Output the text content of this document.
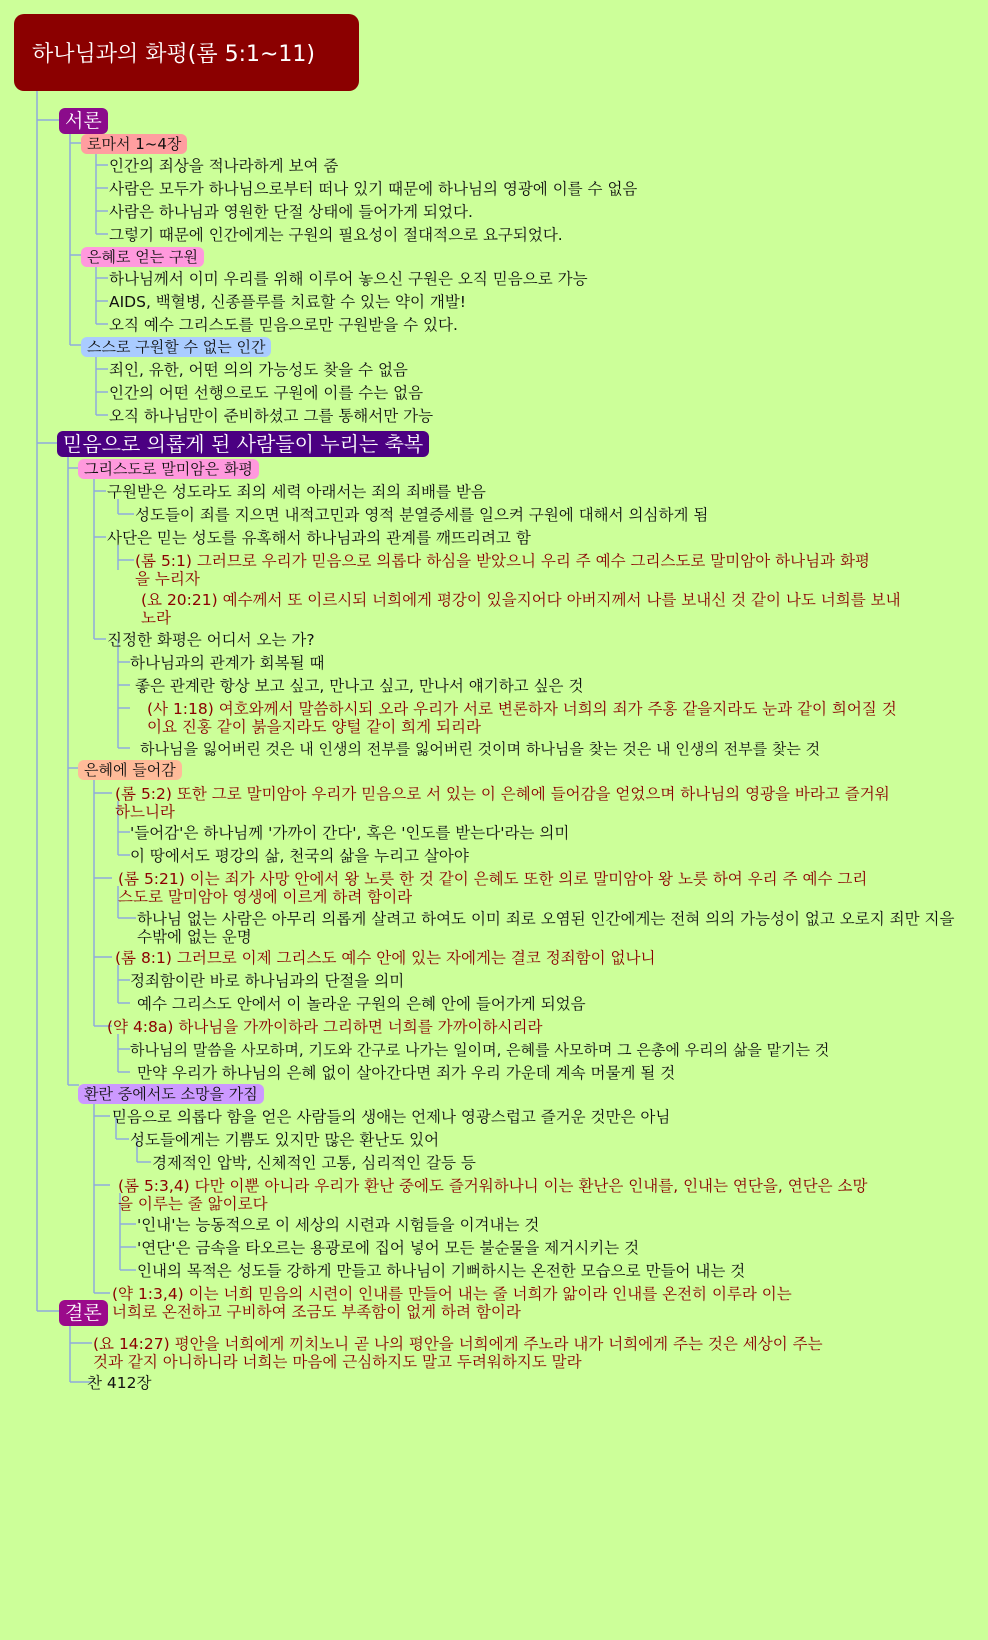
하나님과의 화평(롬 5:1~11)
서론
로마서 1~4장
인간의 죄상을 적나라하게 보여 줌
사람은 모두가 하나님으로부터 떠나 있기 때문에 하나님의 영광에 이를 수 없음
사람은 하나님과 영원한 단절 상태에 들어가게 되었다.
그렇기 때문에 인간에게는 구원의 필요성이 절대적으로 요구되었다.
은혜로 얻는 구원
하나님께서 이미 우리를 위해 이루어 놓으신 구원은 오직 믿음으로 가능
AIDS, 백혈병, 신종플루를 치료할 수 있는 약이 개발!
오직 예수 그리스도를 믿음으로만 구원받을 수 있다.
스스로 구원할 수 없는 인간
죄인, 유한, 어떤 의의 가능성도 찾을 수 없음
인간의 어떤 선행으로도 구원에 이를 수는 없음
오직 하나님만이 준비하셨고 그를 통해서만 가능
믿음으로 의롭게 된 사람들이 누리는 축복
그리스도로 말미암은 화평
구원받은 성도라도 죄의 세력 아래서는 죄의 죄배를 받음
성도들이 죄를 지으면 내적고민과 영적 분열증세를 일으켜 구원에 대해서 의심하게 됨
사단은 믿는 성도를 유혹해서 하나님과의 관계를 깨뜨리려고 함
(롬 5:1) 그러므로 우리가 믿음으로 의롭다 하심을 받았으니 우리 주 예수 그리스도로 말미암아 하나님과 화평을 누리자
(요 20:21) 예수께서 또 이르시되 너희에게 평강이 있을지어다 아버지께서 나를 보내신 것 같이 나도 너희를 보내노라
진정한 화평은 어디서 오는 가?
하나님과의 관계가 회복될 때
좋은 관계란 항상 보고 싶고, 만나고 싶고, 만나서 얘기하고 싶은 것
(사 1:18) 여호와께서 말씀하시되 오라 우리가 서로 변론하자 너희의 죄가 주홍 같을지라도 눈과 같이 희어질 것이요 진홍 같이 붉을지라도 양털 같이 희게 되리라
하나님을 잃어버린 것은 내 인생의 전부를 잃어버린 것이며 하나님을 찾는 것은 내 인생의 전부를 찾는 것
은혜에 들어감
(롬 5:2) 또한 그로 말미암아 우리가 믿음으로 서 있는 이 은혜에 들어감을 얻었으며 하나님의 영광을 바라고 즐거워하느니라
'들어감'은 하나님께 '가까이 간다', 혹은 '인도를 받는다'라는 의미
이 땅에서도 평강의 삶, 천국의 삶을 누리고 살아야
(롬 5:21) 이는 죄가 사망 안에서 왕 노릇 한 것 같이 은혜도 또한 의로 말미암아 왕 노릇 하여 우리 주 예수 그리스도로 말미암아 영생에 이르게 하려 함이라
하나님 없는 사람은 아무리 의롭게 살려고 하여도 이미 죄로 오염된 인간에게는 전혀 의의 가능성이 없고 오로지 죄만 지을 수밖에 없는 운명
(롬 8:1) 그러므로 이제 그리스도 예수 안에 있는 자에게는 결코 정죄함이 없나니
정죄함이란 바로 하나님과의 단절을 의미
예수 그리스도 안에서 이 놀라운 구원의 은혜 안에 들어가게 되었음
(약 4:8a) 하나님을 가까이하라 그리하면 너희를 가까이하시리라
하나님의 말씀을 사모하며, 기도와 간구로 나가는 일이며, 은혜를 사모하며 그 은총에 우리의 삶을 맡기는 것
만약 우리가 하나님의 은혜 없이 살아간다면 죄가 우리 가운데 계속 머물게 될 것
환란 중에서도 소망을 가짐
믿음으로 의롭다 함을 얻은 사람들의 생애는 언제나 영광스럽고 즐거운 것만은 아님
성도들에게는 기쁨도 있지만 많은 환난도 있어
경제적인 압박, 신체적인 고통, 심리적인 갈등 등
(롬 5:3,4) 다만 이뿐 아니라 우리가 환난 중에도 즐거워하나니 이는 환난은 인내를, 인내는 연단을, 연단은 소망을 이루는 줄 앎이로다
'인내'는 능동적으로 이 세상의 시련과 시험들을 이겨내는 것
'연단'은 금속을 타오르는 용광로에 집어 넣어 모든 불순물을 제거시키는 것
인내의 목적은 성도들 강하게 만들고 하나님이 기뻐하시는 온전한 모습으로 만들어 내는 것
(약 1:3,4) 이는 너희 믿음의 시련이 인내를 만들어 내는 줄 너희가 앎이라 인내를 온전히 이루라 이는 너희로 온전하고 구비하여 조금도 부족함이 없게 하려 함이라
결론
(요 14:27) 평안을 너희에게 끼치노니 곧 나의 평안을 너희에게 주노라 내가 너희에게 주는 것은 세상이 주는 것과 같지 아니하니라 너희는 마음에 근심하지도 말고 두려워하지도 말라
찬 412장
